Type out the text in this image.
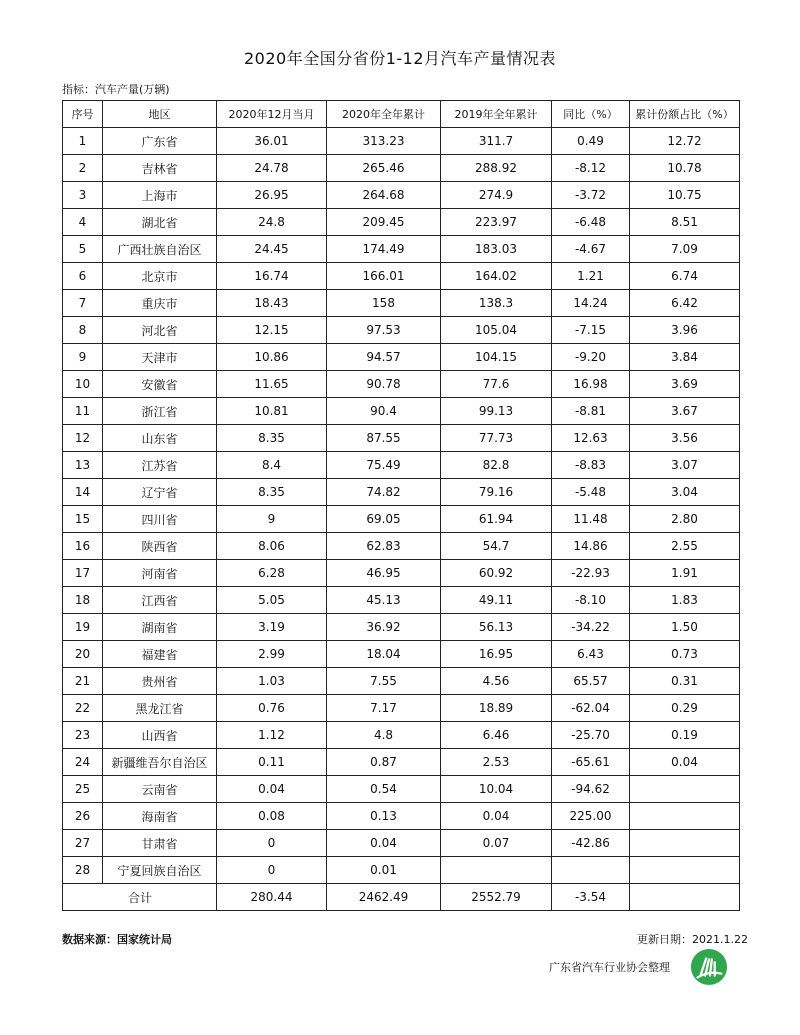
2020年全国分省份1-12月汽车产量情况表
指标：汽车产量(万辆)
序号	地区	2020年12月当月	2020年全年累计	2019年全年累计	同比（%）	累计份额占比（%）
1	广东省	36.01	313.23	311.7	0.49	12.72
2	吉林省	24.78	265.46	288.92	-8.12	10.78
3	上海市	26.95	264.68	274.9	-3.72	10.75
4	湖北省	24.8	209.45	223.97	-6.48	8.51
5	广西壮族自治区	24.45	174.49	183.03	-4.67	7.09
6	北京市	16.74	166.01	164.02	1.21	6.74
7	重庆市	18.43	158	138.3	14.24	6.42
8	河北省	12.15	97.53	105.04	-7.15	3.96
9	天津市	10.86	94.57	104.15	-9.20	3.84
10	安徽省	11.65	90.78	77.6	16.98	3.69
11	浙江省	10.81	90.4	99.13	-8.81	3.67
12	山东省	8.35	87.55	77.73	12.63	3.56
13	江苏省	8.4	75.49	82.8	-8.83	3.07
14	辽宁省	8.35	74.82	79.16	-5.48	3.04
15	四川省	9	69.05	61.94	11.48	2.80
16	陕西省	8.06	62.83	54.7	14.86	2.55
17	河南省	6.28	46.95	60.92	-22.93	1.91
18	江西省	5.05	45.13	49.11	-8.10	1.83
19	湖南省	3.19	36.92	56.13	-34.22	1.50
20	福建省	2.99	18.04	16.95	6.43	0.73
21	贵州省	1.03	7.55	4.56	65.57	0.31
22	黑龙江省	0.76	7.17	18.89	-62.04	0.29
23	山西省	1.12	4.8	6.46	-25.70	0.19
24	新疆维吾尔自治区	0.11	0.87	2.53	-65.61	0.04
25	云南省	0.04	0.54	10.04	-94.62	
26	海南省	0.08	0.13	0.04	225.00	
27	甘肃省	0	0.04	0.07	-42.86	
28	宁夏回族自治区	0	0.01			
合计		280.44	2462.49	2552.79	-3.54	
数据来源：国家统计局	更新日期：2021.1.22
广东省汽车行业协会整理
